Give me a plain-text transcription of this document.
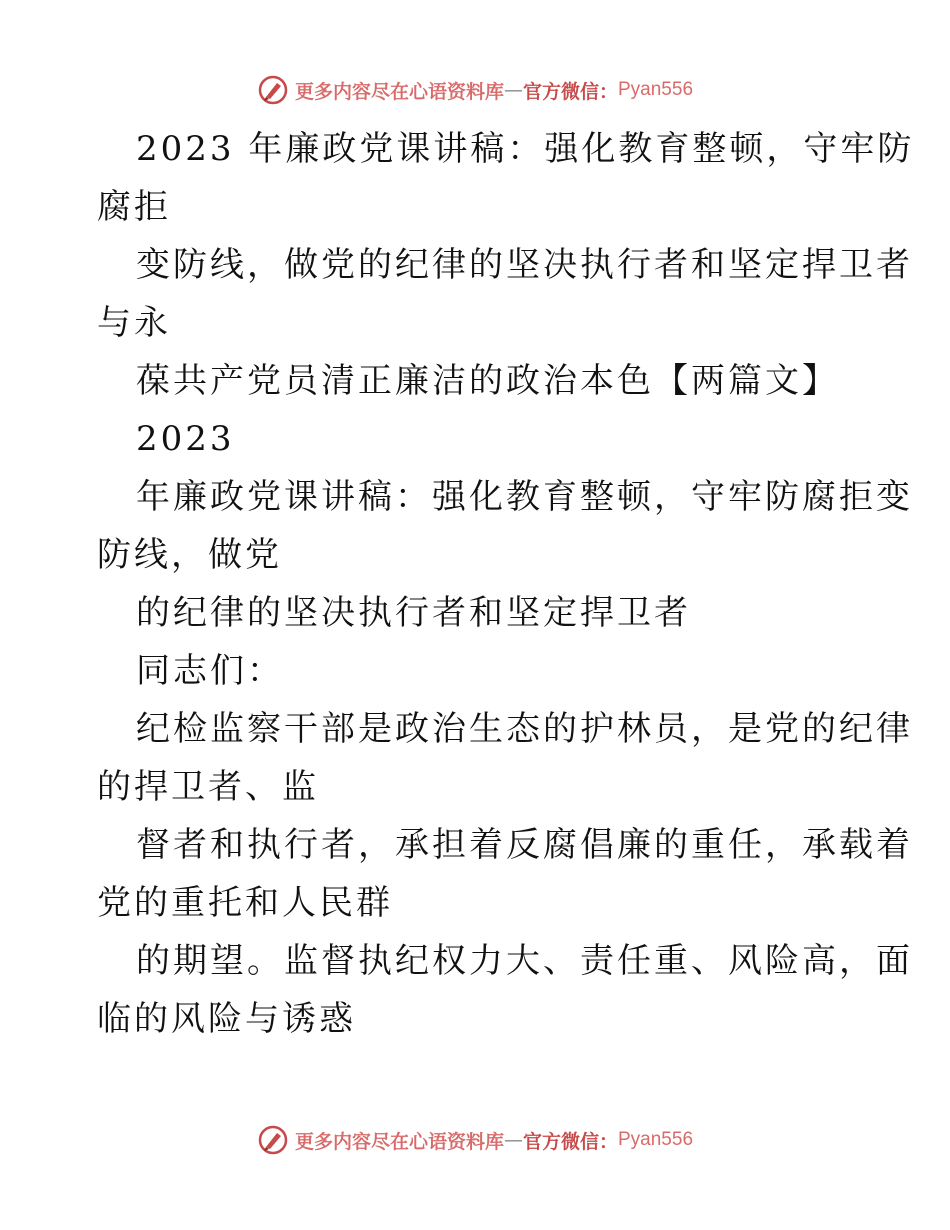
更多内容尽在心语资料库 — 官方微信： Pyan556
2023 年廉政党课讲稿：强化教育整顿，守牢防
腐拒
变防线，做党的纪律的坚决执行者和坚定捍卫者
与永
葆共产党员清正廉洁的政治本色【两篇文】
2023
年廉政党课讲稿：强化教育整顿，守牢防腐拒变
防线，做党
的纪律的坚决执行者和坚定捍卫者
同志们：
纪检监察干部是政治生态的护林员，是党的纪律
的捍卫者、监
督者和执行者，承担着反腐倡廉的重任，承载着
党的重托和人民群
的期望。监督执纪权力大、责任重、风险高，面
临的风险与诱惑
更多内容尽在心语资料库 — 官方微信： Pyan556
